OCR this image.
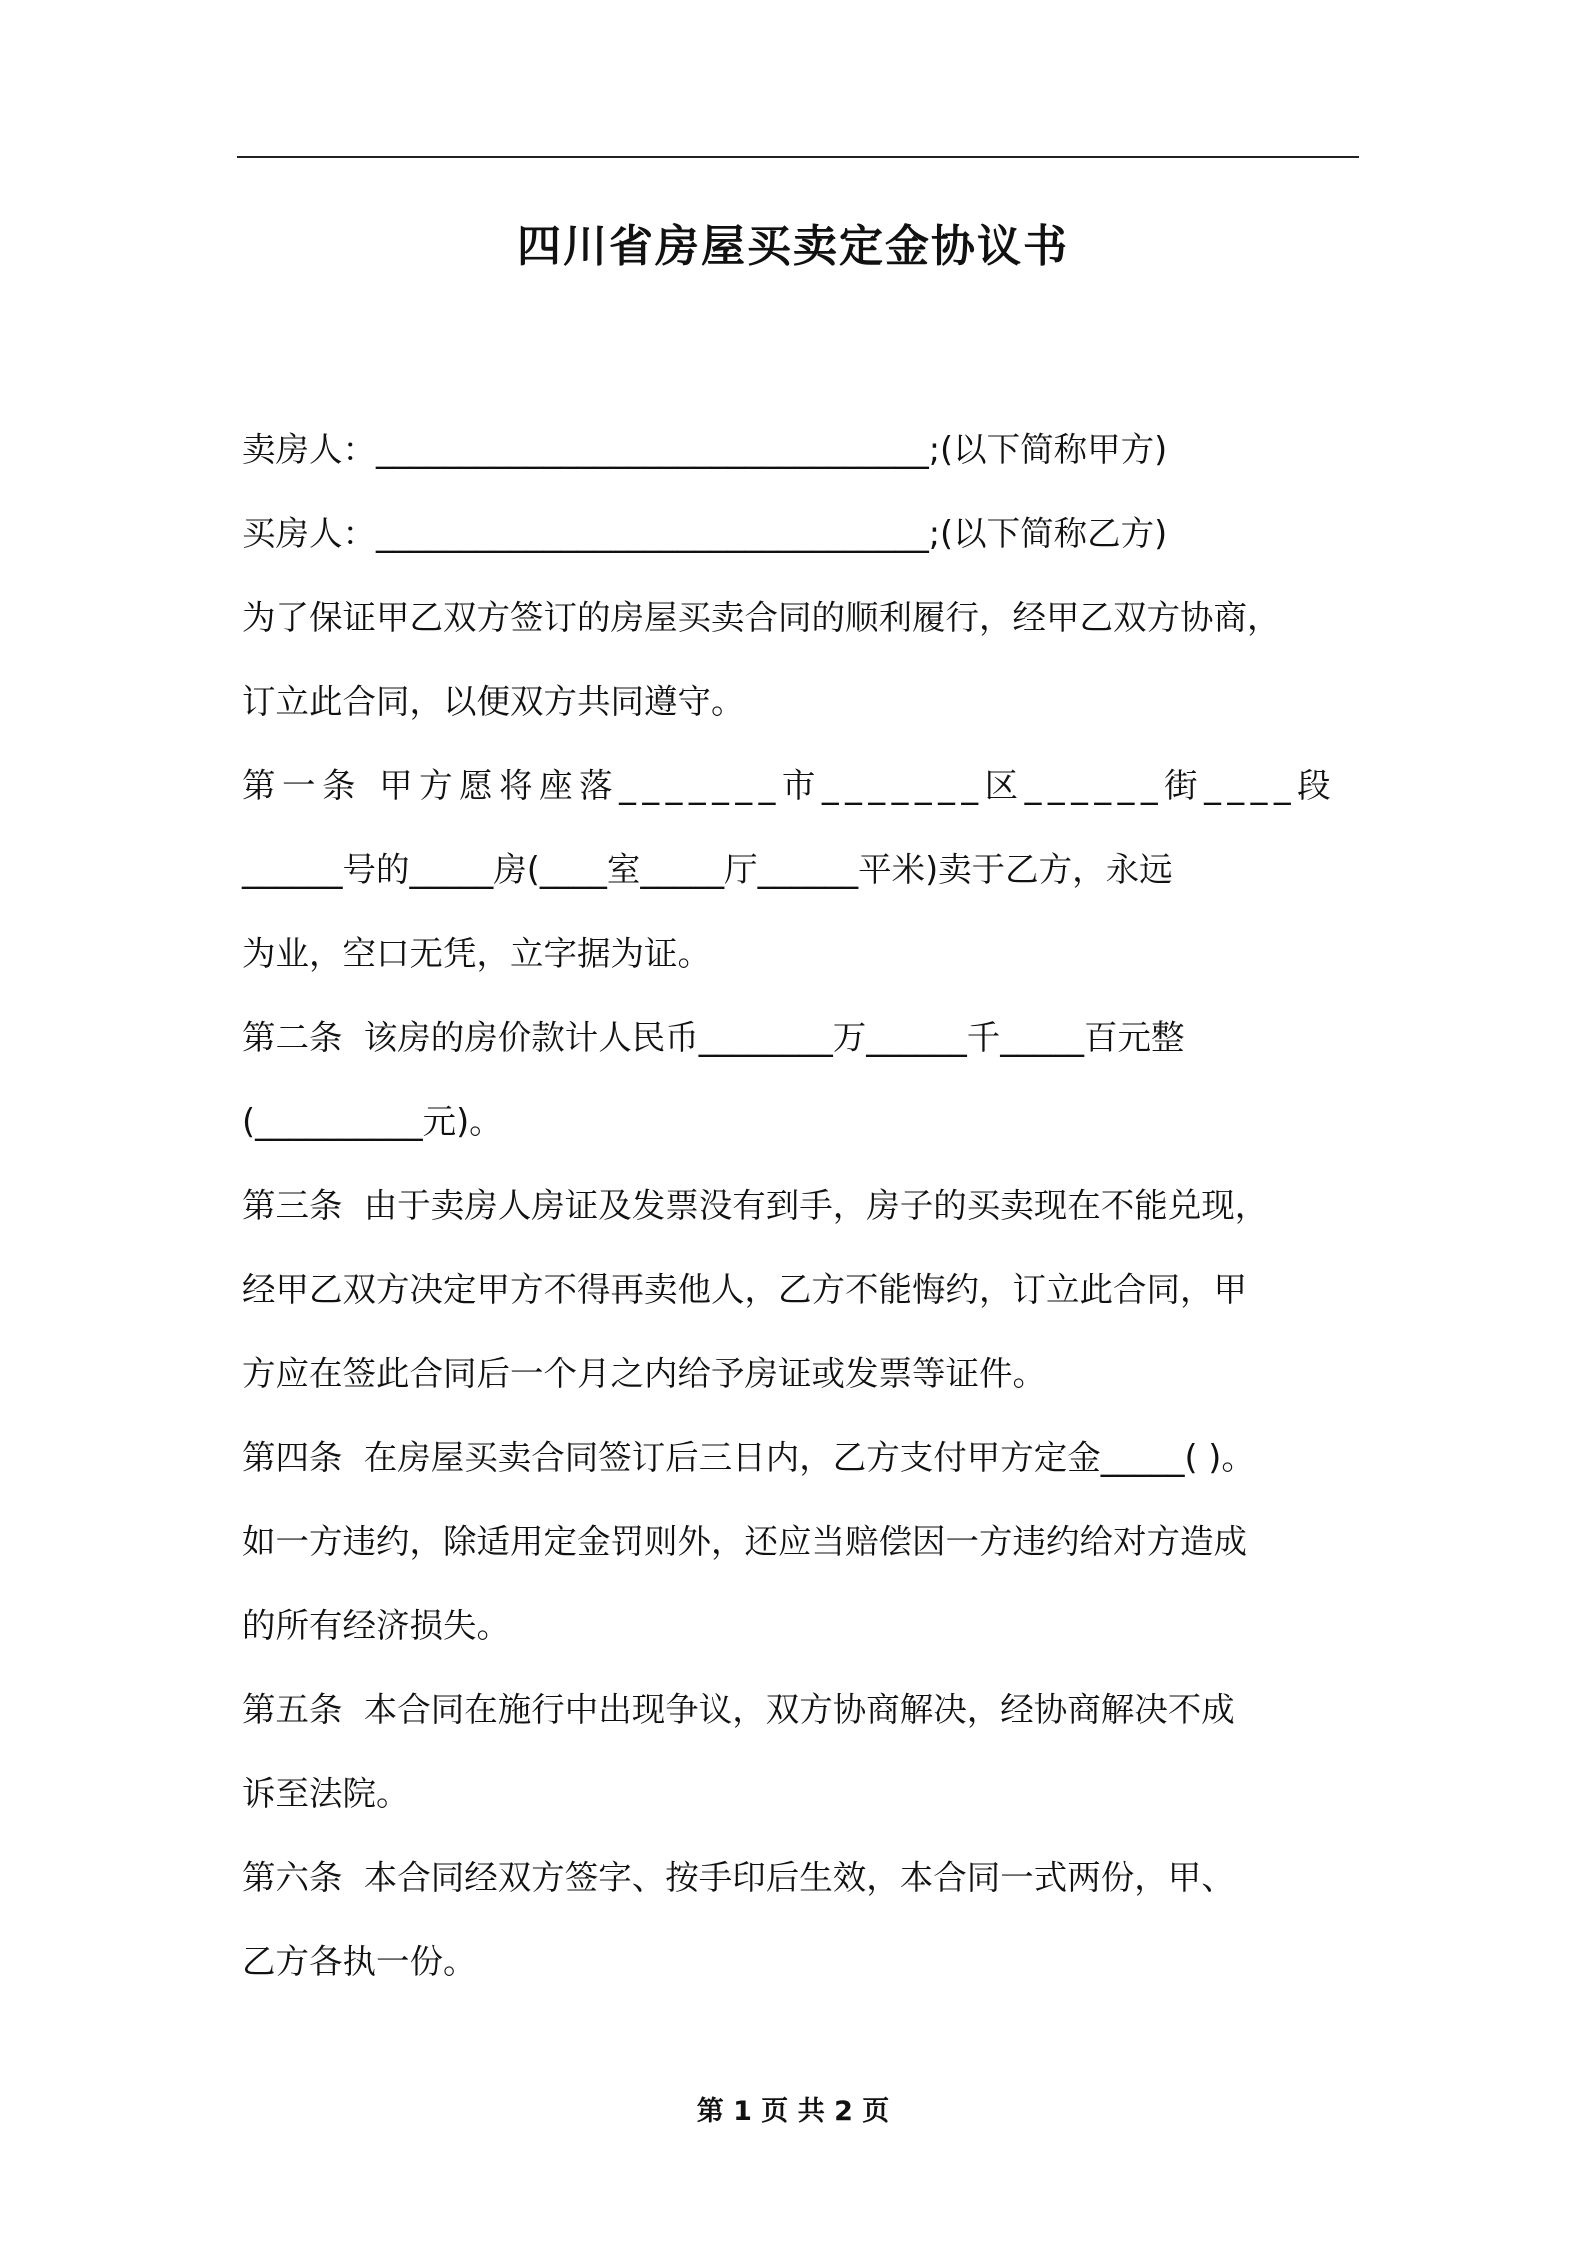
四川省房屋买卖定金协议书
卖房人：_________________________________;(以下简称甲方)
买房人：_________________________________;(以下简称乙方)
为了保证甲乙双方签订的房屋买卖合同的顺利履行，经甲乙双方协商，
订立此合同，以便双方共同遵守。
第一条 甲方愿将座落_______市_______区______街____段
______号的_____房(____室_____厅______平米)卖于乙方，永远
为业，空口无凭，立字据为证。
第二条  该房的房价款计人民币________万______千_____百元整
(__________元)。
第三条  由于卖房人房证及发票没有到手，房子的买卖现在不能兑现，
经甲乙双方决定甲方不得再卖他人，乙方不能悔约，订立此合同，甲
方应在签此合同后一个月之内给予房证或发票等证件。
第四条  在房屋买卖合同签订后三日内，乙方支付甲方定金_____( )。
如一方违约，除适用定金罚则外，还应当赔偿因一方违约给对方造成
的所有经济损失。
第五条  本合同在施行中出现争议，双方协商解决，经协商解决不成
诉至法院。
第六条  本合同经双方签字、按手印后生效，本合同一式两份，甲、
乙方各执一份。
第 1 页 共 2 页
